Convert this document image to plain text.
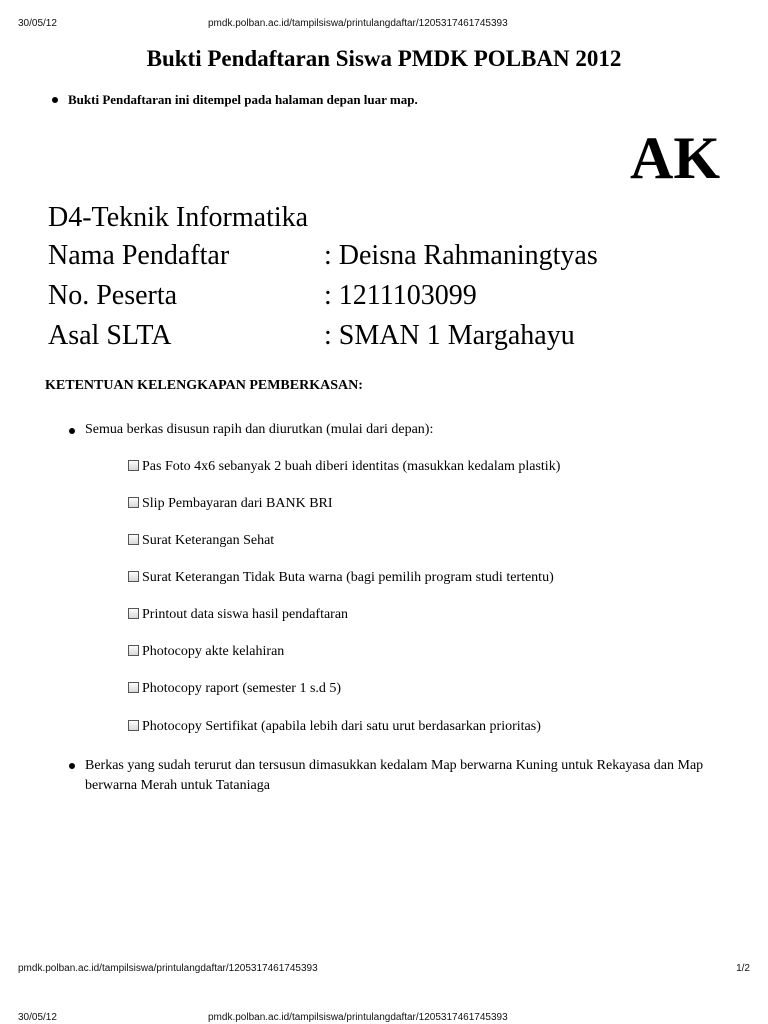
30/05/12	pmdk.polban.ac.id/tampilsiswa/printulangdaftar/1205317461745393
Bukti Pendaftaran Siswa PMDK POLBAN 2012
Bukti Pendaftaran ini ditempel pada halaman depan luar map.
AK
D4-Teknik Informatika
Nama Pendaftar	: Deisna Rahmaningtyas
No. Peserta	: 1211103099
Asal SLTA	: SMAN 1 Margahayu
KETENTUAN KELENGKAPAN PEMBERKASAN:
Semua berkas disusun rapih dan diurutkan (mulai dari depan):
Pas Foto 4x6 sebanyak 2 buah diberi identitas (masukkan kedalam plastik)
Slip Pembayaran dari BANK BRI
Surat Keterangan Sehat
Surat Keterangan Tidak Buta warna (bagi pemilih program studi tertentu)
Printout data siswa hasil pendaftaran
Photocopy akte kelahiran
Photocopy raport (semester 1 s.d 5)
Photocopy Sertifikat (apabila lebih dari satu urut berdasarkan prioritas)
Berkas yang sudah terurut dan tersusun dimasukkan kedalam Map berwarna Kuning untuk Rekayasa dan Map berwarna Merah untuk Tataniaga
pmdk.polban.ac.id/tampilsiswa/printulangdaftar/1205317461745393	1/2
30/05/12	pmdk.polban.ac.id/tampilsiswa/printulangdaftar/1205317461745393
